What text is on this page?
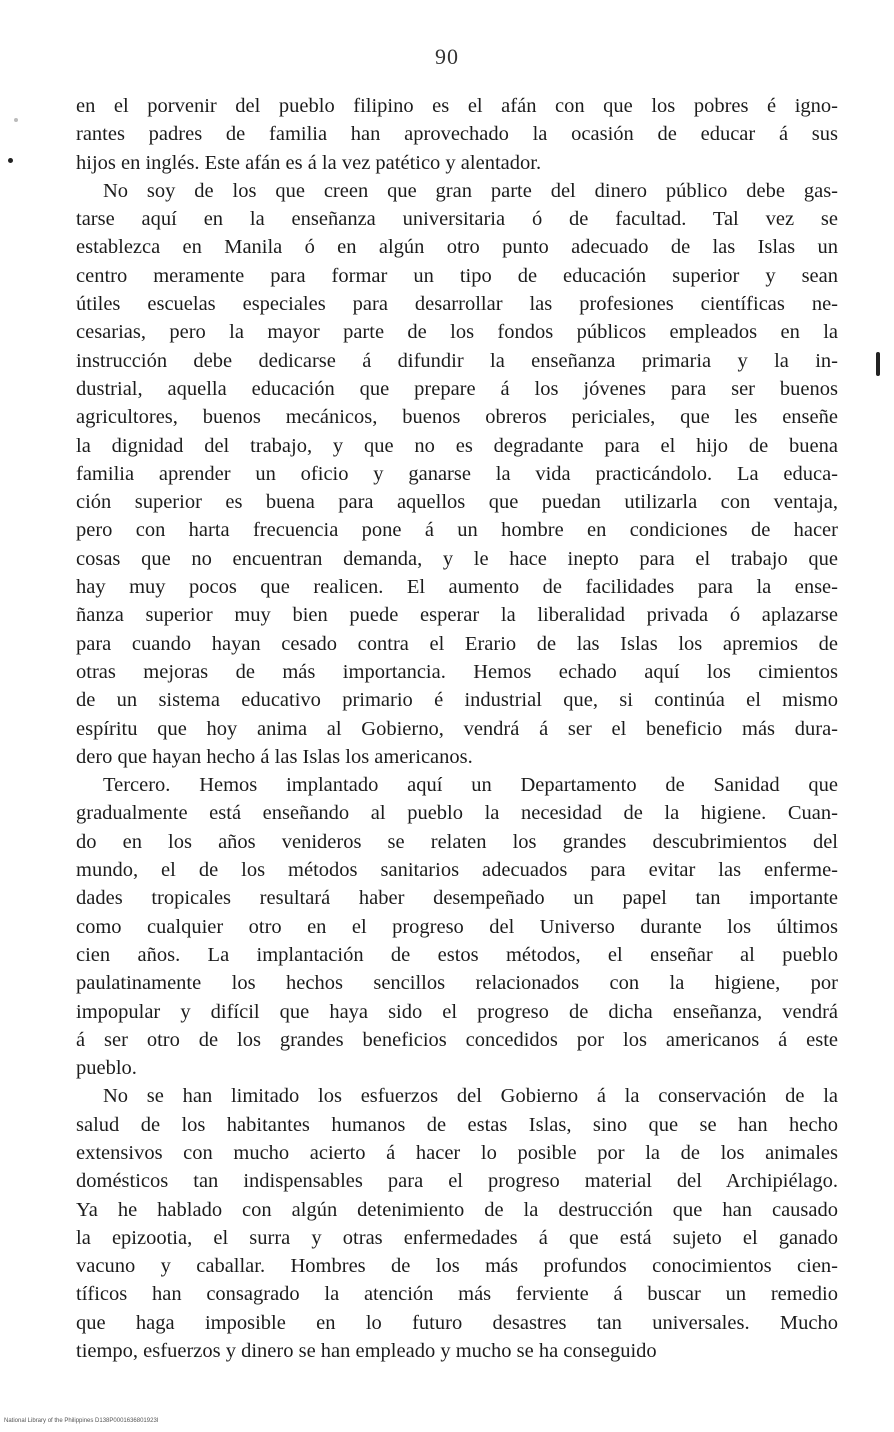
90
en el porvenir del pueblo filipino es el afán con que los pobres é igno-
rantes padres de familia han aprovechado la ocasión de educar á sus
hijos en inglés. Este afán es á la vez patético y alentador.
No soy de los que creen que gran parte del dinero público debe gas-
tarse aquí en la enseñanza universitaria ó de facultad. Tal vez se
establezca en Manila ó en algún otro punto adecuado de las Islas un
centro meramente para formar un tipo de educación superior y sean
útiles escuelas especiales para desarrollar las profesiones científicas ne-
cesarias, pero la mayor parte de los fondos públicos empleados en la
instrucción debe dedicarse á difundir la enseñanza primaria y la in-
dustrial, aquella educación que prepare á los jóvenes para ser buenos
agricultores, buenos mecánicos, buenos obreros periciales, que les enseñe
la dignidad del trabajo, y que no es degradante para el hijo de buena
familia aprender un oficio y ganarse la vida practicándolo. La educa-
ción superior es buena para aquellos que puedan utilizarla con ventaja,
pero con harta frecuencia pone á un hombre en condiciones de hacer
cosas que no encuentran demanda, y le hace inepto para el trabajo que
hay muy pocos que realicen. El aumento de facilidades para la ense-
ñanza superior muy bien puede esperar la liberalidad privada ó aplazarse
para cuando hayan cesado contra el Erario de las Islas los apremios de
otras mejoras de más importancia. Hemos echado aquí los cimientos
de un sistema educativo primario é industrial que, si continúa el mismo
espíritu que hoy anima al Gobierno, vendrá á ser el beneficio más dura-
dero que hayan hecho á las Islas los americanos.
Tercero. Hemos implantado aquí un Departamento de Sanidad que
gradualmente está enseñando al pueblo la necesidad de la higiene. Cuan-
do en los años venideros se relaten los grandes descubrimientos del
mundo, el de los métodos sanitarios adecuados para evitar las enferme-
dades tropicales resultará haber desempeñado un papel tan importante
como cualquier otro en el progreso del Universo durante los últimos
cien años. La implantación de estos métodos, el enseñar al pueblo
paulatinamente los hechos sencillos relacionados con la higiene, por
impopular y difícil que haya sido el progreso de dicha enseñanza, vendrá
á ser otro de los grandes beneficios concedidos por los americanos á este
pueblo.
No se han limitado los esfuerzos del Gobierno á la conservación de la
salud de los habitantes humanos de estas Islas, sino que se han hecho
extensivos con mucho acierto á hacer lo posible por la de los animales
domésticos tan indispensables para el progreso material del Archipiélago.
Ya he hablado con algún detenimiento de la destrucción que han causado
la epizootia, el surra y otras enfermedades á que está sujeto el ganado
vacuno y caballar. Hombres de los más profundos conocimientos cien-
tíficos han consagrado la atención más ferviente á buscar un remedio
que haga imposible en lo futuro desastres tan universales. Mucho
tiempo, esfuerzos y dinero se han empleado y mucho se ha conseguido
National Library of the Philippines D138P0001636801923I
